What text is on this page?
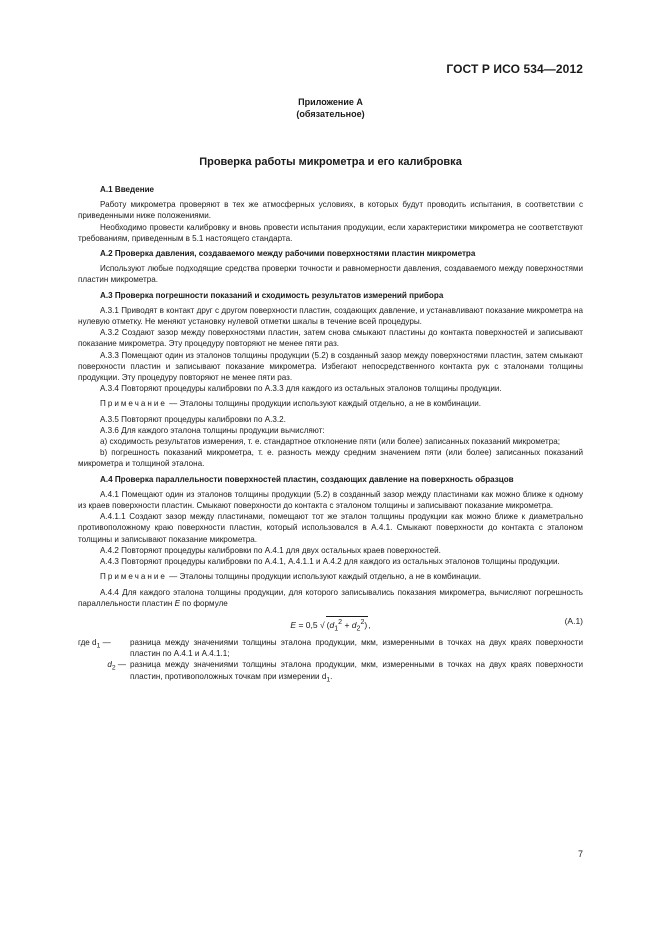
ГОСТ Р ИСО 534—2012
Приложение А
(обязательное)
Проверка работы микрометра и его калибровка

А.1 Введение

Работу микрометра проверяют в тех же атмосферных условиях, в которых будут проводить испытания, в соответствии с приведенными ниже положениями.

Необходимо провести калибровку и вновь провести испытания продукции, если характеристики микрометра не соответствуют требованиям, приведенным в 5.1 настоящего стандарта.

А.2 Проверка давления, создаваемого между рабочими поверхностями пластин микрометра

Используют любые подходящие средства проверки точности и равномерности давления, создаваемого между поверхностями пластин микрометра.

А.3 Проверка погрешности показаний и сходимость результатов измерений прибора

А.3.1 Приводят в контакт друг с другом поверхности пластин, создающих давление, и устанавливают показание микрометра на нулевую отметку. Не меняют установку нулевой отметки шкалы в течение всей процедуры.

А.3.2 Создают зазор между поверхностями пластин, затем снова смыкают пластины до контакта поверхностей и записывают показание микрометра. Эту процедуру повторяют не менее пяти раз.

А.3.3 Помещают один из эталонов толщины продукции (5.2) в созданный зазор между поверхностями пластин, затем смыкают поверхности пластин и записывают показание микрометра. Избегают непосредственного контакта рук с эталонами толщины продукции. Эту процедуру повторяют не менее пяти раз.

А.3.4 Повторяют процедуры калибровки по А.3.3 для каждого из остальных эталонов толщины продукции.

Примечание — Эталоны толщины продукции используют каждый отдельно, а не в комбинации.

А.3.5 Повторяют процедуры калибровки по А.3.2.

А.3.6 Для каждого эталона толщины продукции вычисляют:

а) сходимость результатов измерения, т. е. стандартное отклонение пяти (или более) записанных показаний микрометра;

b) погрешность показаний микрометра, т. е. разность между средним значением пяти (или более) записанных показаний микрометра и толщиной эталона.

А.4 Проверка параллельности поверхностей пластин, создающих давление на поверхность образцов

А.4.1 Помещают один из эталонов толщины продукции (5.2) в созданный зазор между пластинами как можно ближе к одному из краев поверхности пластин. Смыкают поверхности до контакта с эталоном толщины и записывают показание микрометра.

А.4.1.1 Создают зазор между пластинами, помещают тот же эталон толщины продукции как можно ближе к диаметрально противоположному краю поверхности пластин, который использовался в А.4.1. Смыкают поверхности до контакта с эталоном толщины и записывают показание микрометра.

А.4.2 Повторяют процедуры калибровки по А.4.1 для двух остальных краев поверхностей.

А.4.3 Повторяют процедуры калибровки по А.4.1, А.4.1.1 и А.4.2 для каждого из остальных эталонов толщины продукции.

Примечание — Эталоны толщины продукции используют каждый отдельно, а не в комбинации.

А.4.4 Для каждого эталона толщины продукции, для которого записывались показания микрометра, вычисляют погрешность параллельности пластин E по формуле

E = 0,5 √ $(d_1^2 + d_2^2)$,	(А.1)
где $d_1$ —	разница между значениями толщины эталона продукции, мкм, измеренными в точках на двух краях поверхности пластин по А.4.1 и А.4.1.1;
$d_2$ — разница между значениями толщины эталона продукции, мкм, измеренными в точках на двух краях поверхности пластин, противоположных точкам при измерении $d_1$.
7
